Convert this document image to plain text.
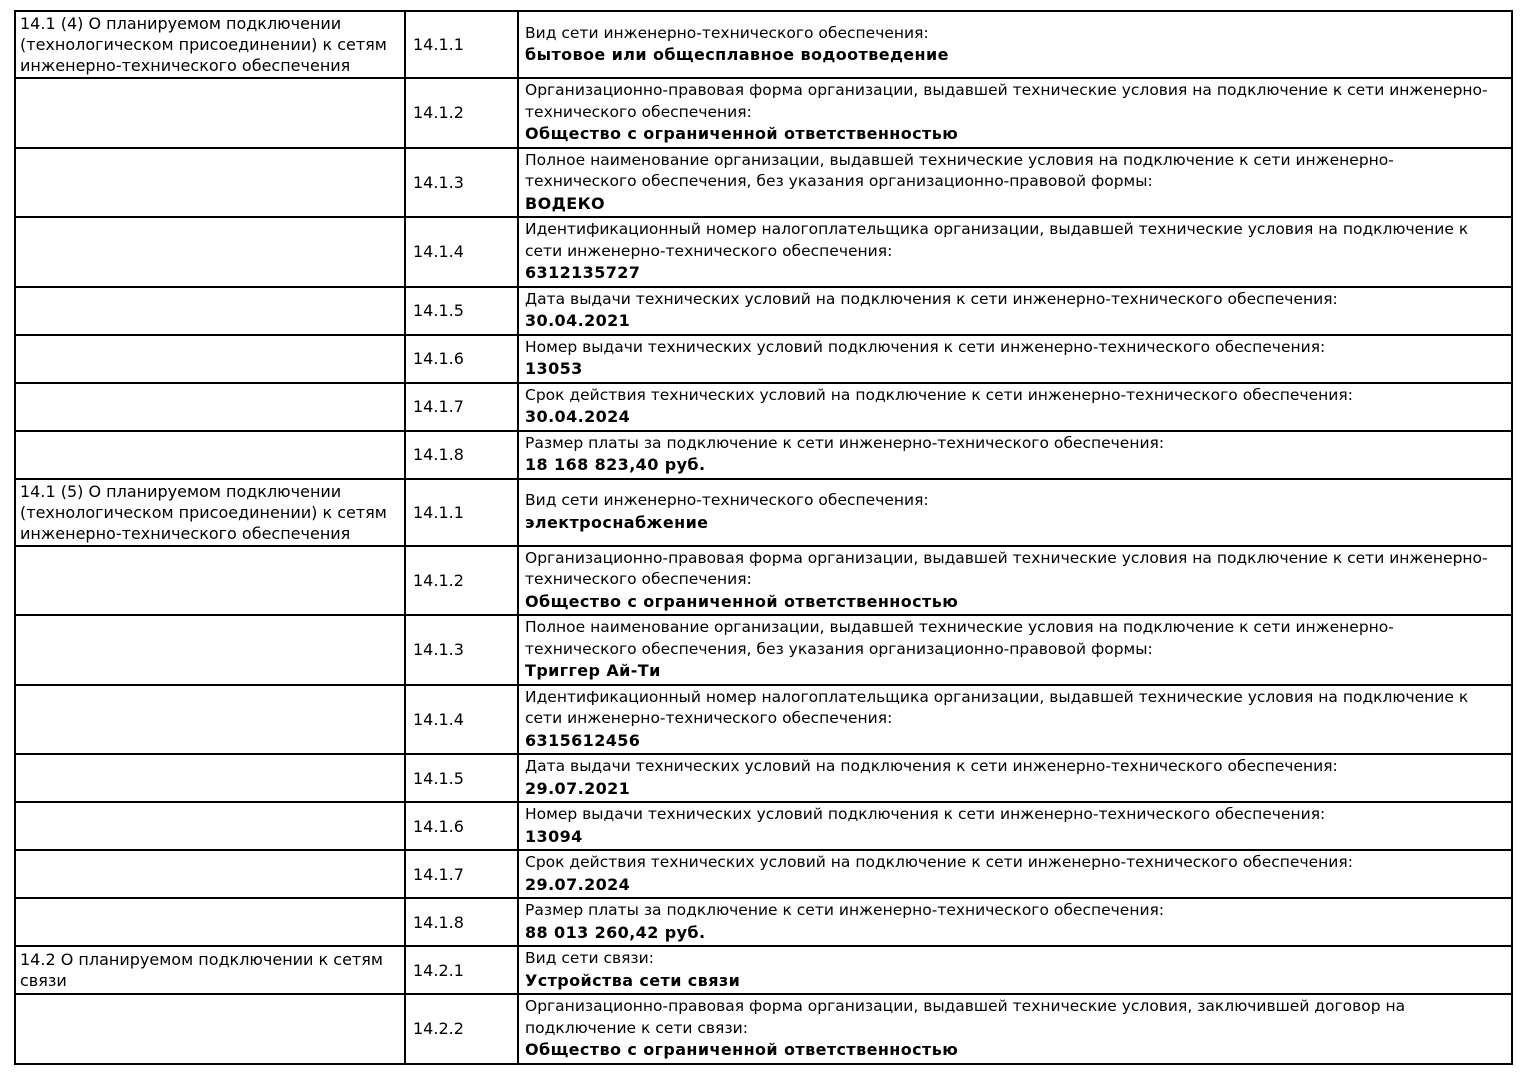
14.1 (4) О планируемом подключении (технологическом присоединении) к сетям инженерно-технического обеспечения	14.1.1	Вид сети инженерно-технического обеспечения:
бытовое или общесплавное водоотведение

	14.1.2	Организационно-правовая форма организации, выдавшей технические условия на подключение к сети инженерно-технического обеспечения:
Общество с ограниченной ответственностью

	14.1.3	Полное наименование организации, выдавшей технические условия на подключение к сети инженерно-технического обеспечения, без указания организационно-правовой формы:
ВОДЕКО

	14.1.4	Идентификационный номер налогоплательщика организации, выдавшей технические условия на подключение к сети инженерно-технического обеспечения:
6312135727

	14.1.5	Дата выдачи технических условий на подключения к сети инженерно-технического обеспечения:
30.04.2021

	14.1.6	Номер выдачи технических условий подключения к сети инженерно-технического обеспечения:
13053

	14.1.7	Срок действия технических условий на подключение к сети инженерно-технического обеспечения:
30.04.2024

	14.1.8	Размер платы за подключение к сети инженерно-технического обеспечения:
18 168 823,40 руб.

14.1 (5) О планируемом подключении (технологическом присоединении) к сетям инженерно-технического обеспечения	14.1.1	Вид сети инженерно-технического обеспечения:
электроснабжение

	14.1.2	Организационно-правовая форма организации, выдавшей технические условия на подключение к сети инженерно-технического обеспечения:
Общество с ограниченной ответственностью

	14.1.3	Полное наименование организации, выдавшей технические условия на подключение к сети инженерно-технического обеспечения, без указания организационно-правовой формы:
Триггер Ай-Ти

	14.1.4	Идентификационный номер налогоплательщика организации, выдавшей технические условия на подключение к сети инженерно-технического обеспечения:
6315612456

	14.1.5	Дата выдачи технических условий на подключения к сети инженерно-технического обеспечения:
29.07.2021

	14.1.6	Номер выдачи технических условий подключения к сети инженерно-технического обеспечения:
13094

	14.1.7	Срок действия технических условий на подключение к сети инженерно-технического обеспечения:
29.07.2024

	14.1.8	Размер платы за подключение к сети инженерно-технического обеспечения:
88 013 260,42 руб.

14.2 О планируемом подключении к сетям связи	14.2.1	Вид сети связи:
Устройства сети связи

	14.2.2	Организационно-правовая форма организации, выдавшей технические условия, заключившей договор на подключение к сети связи:
Общество с ограниченной ответственностью
